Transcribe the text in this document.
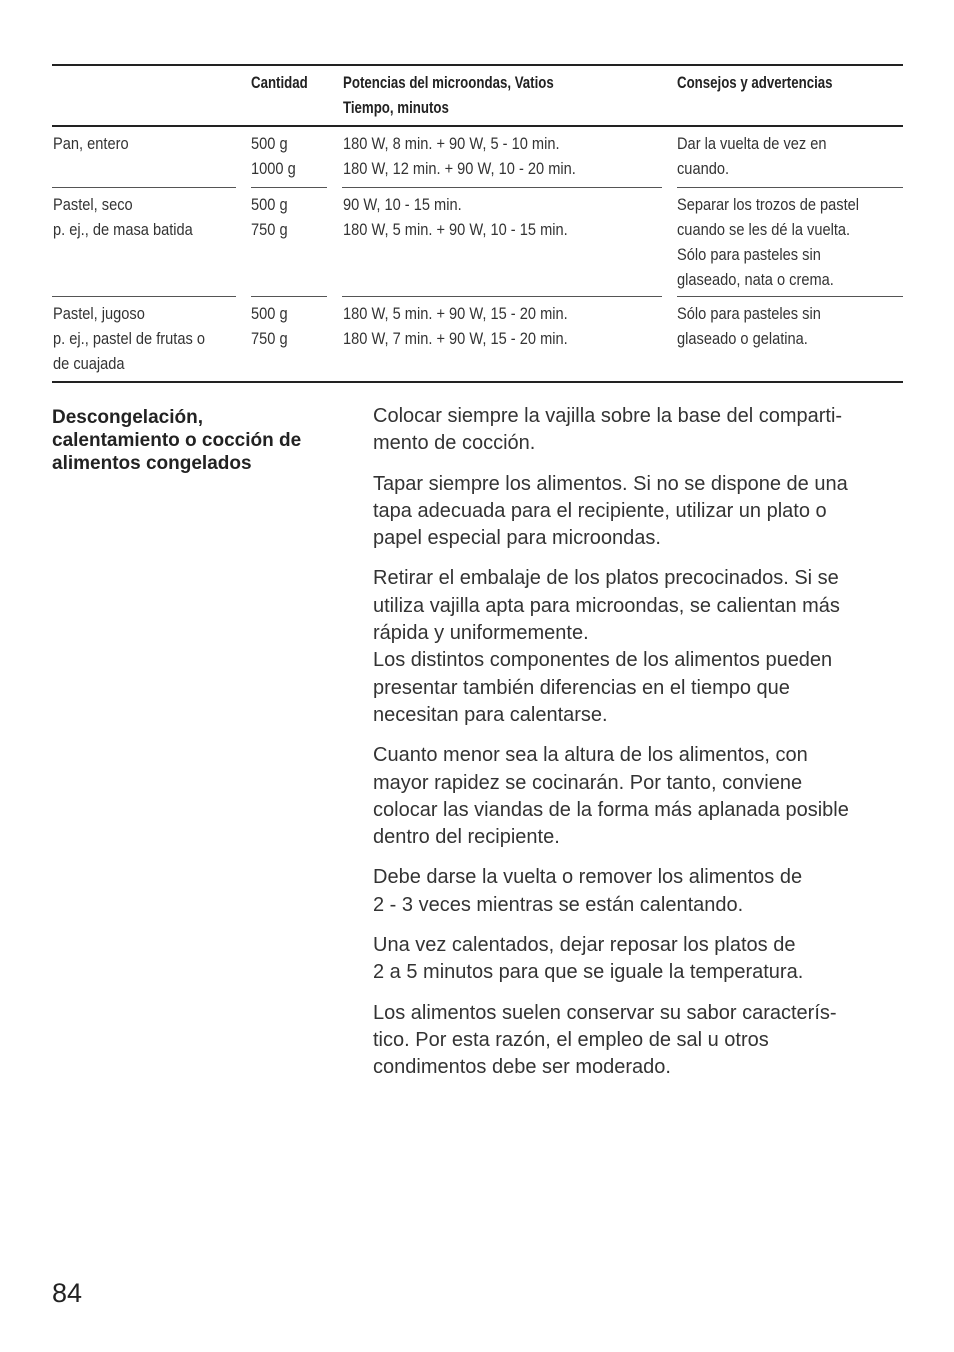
Cantidad Potencias del microondas, Vatios
Tiempo, minutos
Consejos y advertencias
Pan, entero	500 g
1000 g
180 W, 8 min. + 90 W, 5 - 10 min.
180 W, 12 min. + 90 W, 10 - 20 min.
Dar la vuelta de vez en
cuando.
Pastel, seco
p. ej., de masa batida
500 g
750 g
90 W, 10 - 15 min.
180 W, 5 min. + 90 W, 10 - 15 min.
Separar los trozos de pastel
cuando se les dé la vuelta.
Sólo para pasteles sin
glaseado, nata o crema.
Pastel, jugoso
p. ej., pastel de frutas o
de cuajada
500 g
750 g
180 W, 5 min. + 90 W, 15 - 20 min.
180 W, 7 min. + 90 W, 15 - 20 min.
Sólo para pasteles sin
glaseado o gelatina.
Descongelación,
calentamiento o cocción de
alimentos congelados

Colocar siempre la vajilla sobre la base del comparti-
mento de cocción.

Tapar siempre los alimentos. Si no se dispone de una
tapa adecuada para el recipiente, utilizar un plato o
papel especial para microondas.

Retirar el embalaje de los platos precocinados. Si se
utiliza vajilla apta para microondas, se calientan más
rápida y uniformemente.
Los distintos componentes de los alimentos pueden
presentar también diferencias en el tiempo que
necesitan para calentarse.

Cuanto menor sea la altura de los alimentos, con
mayor rapidez se cocinarán. Por tanto, conviene
colocar las viandas de la forma más aplanada posible
dentro del recipiente.

Debe darse la vuelta o remover los alimentos de
2 - 3 veces mientras se están calentando.

Una vez calentados, dejar reposar los platos de
2 a 5 minutos para que se iguale la temperatura.

Los alimentos suelen conservar su sabor caracterís-
tico. Por esta razón, el empleo de sal u otros
condimentos debe ser moderado.

84
